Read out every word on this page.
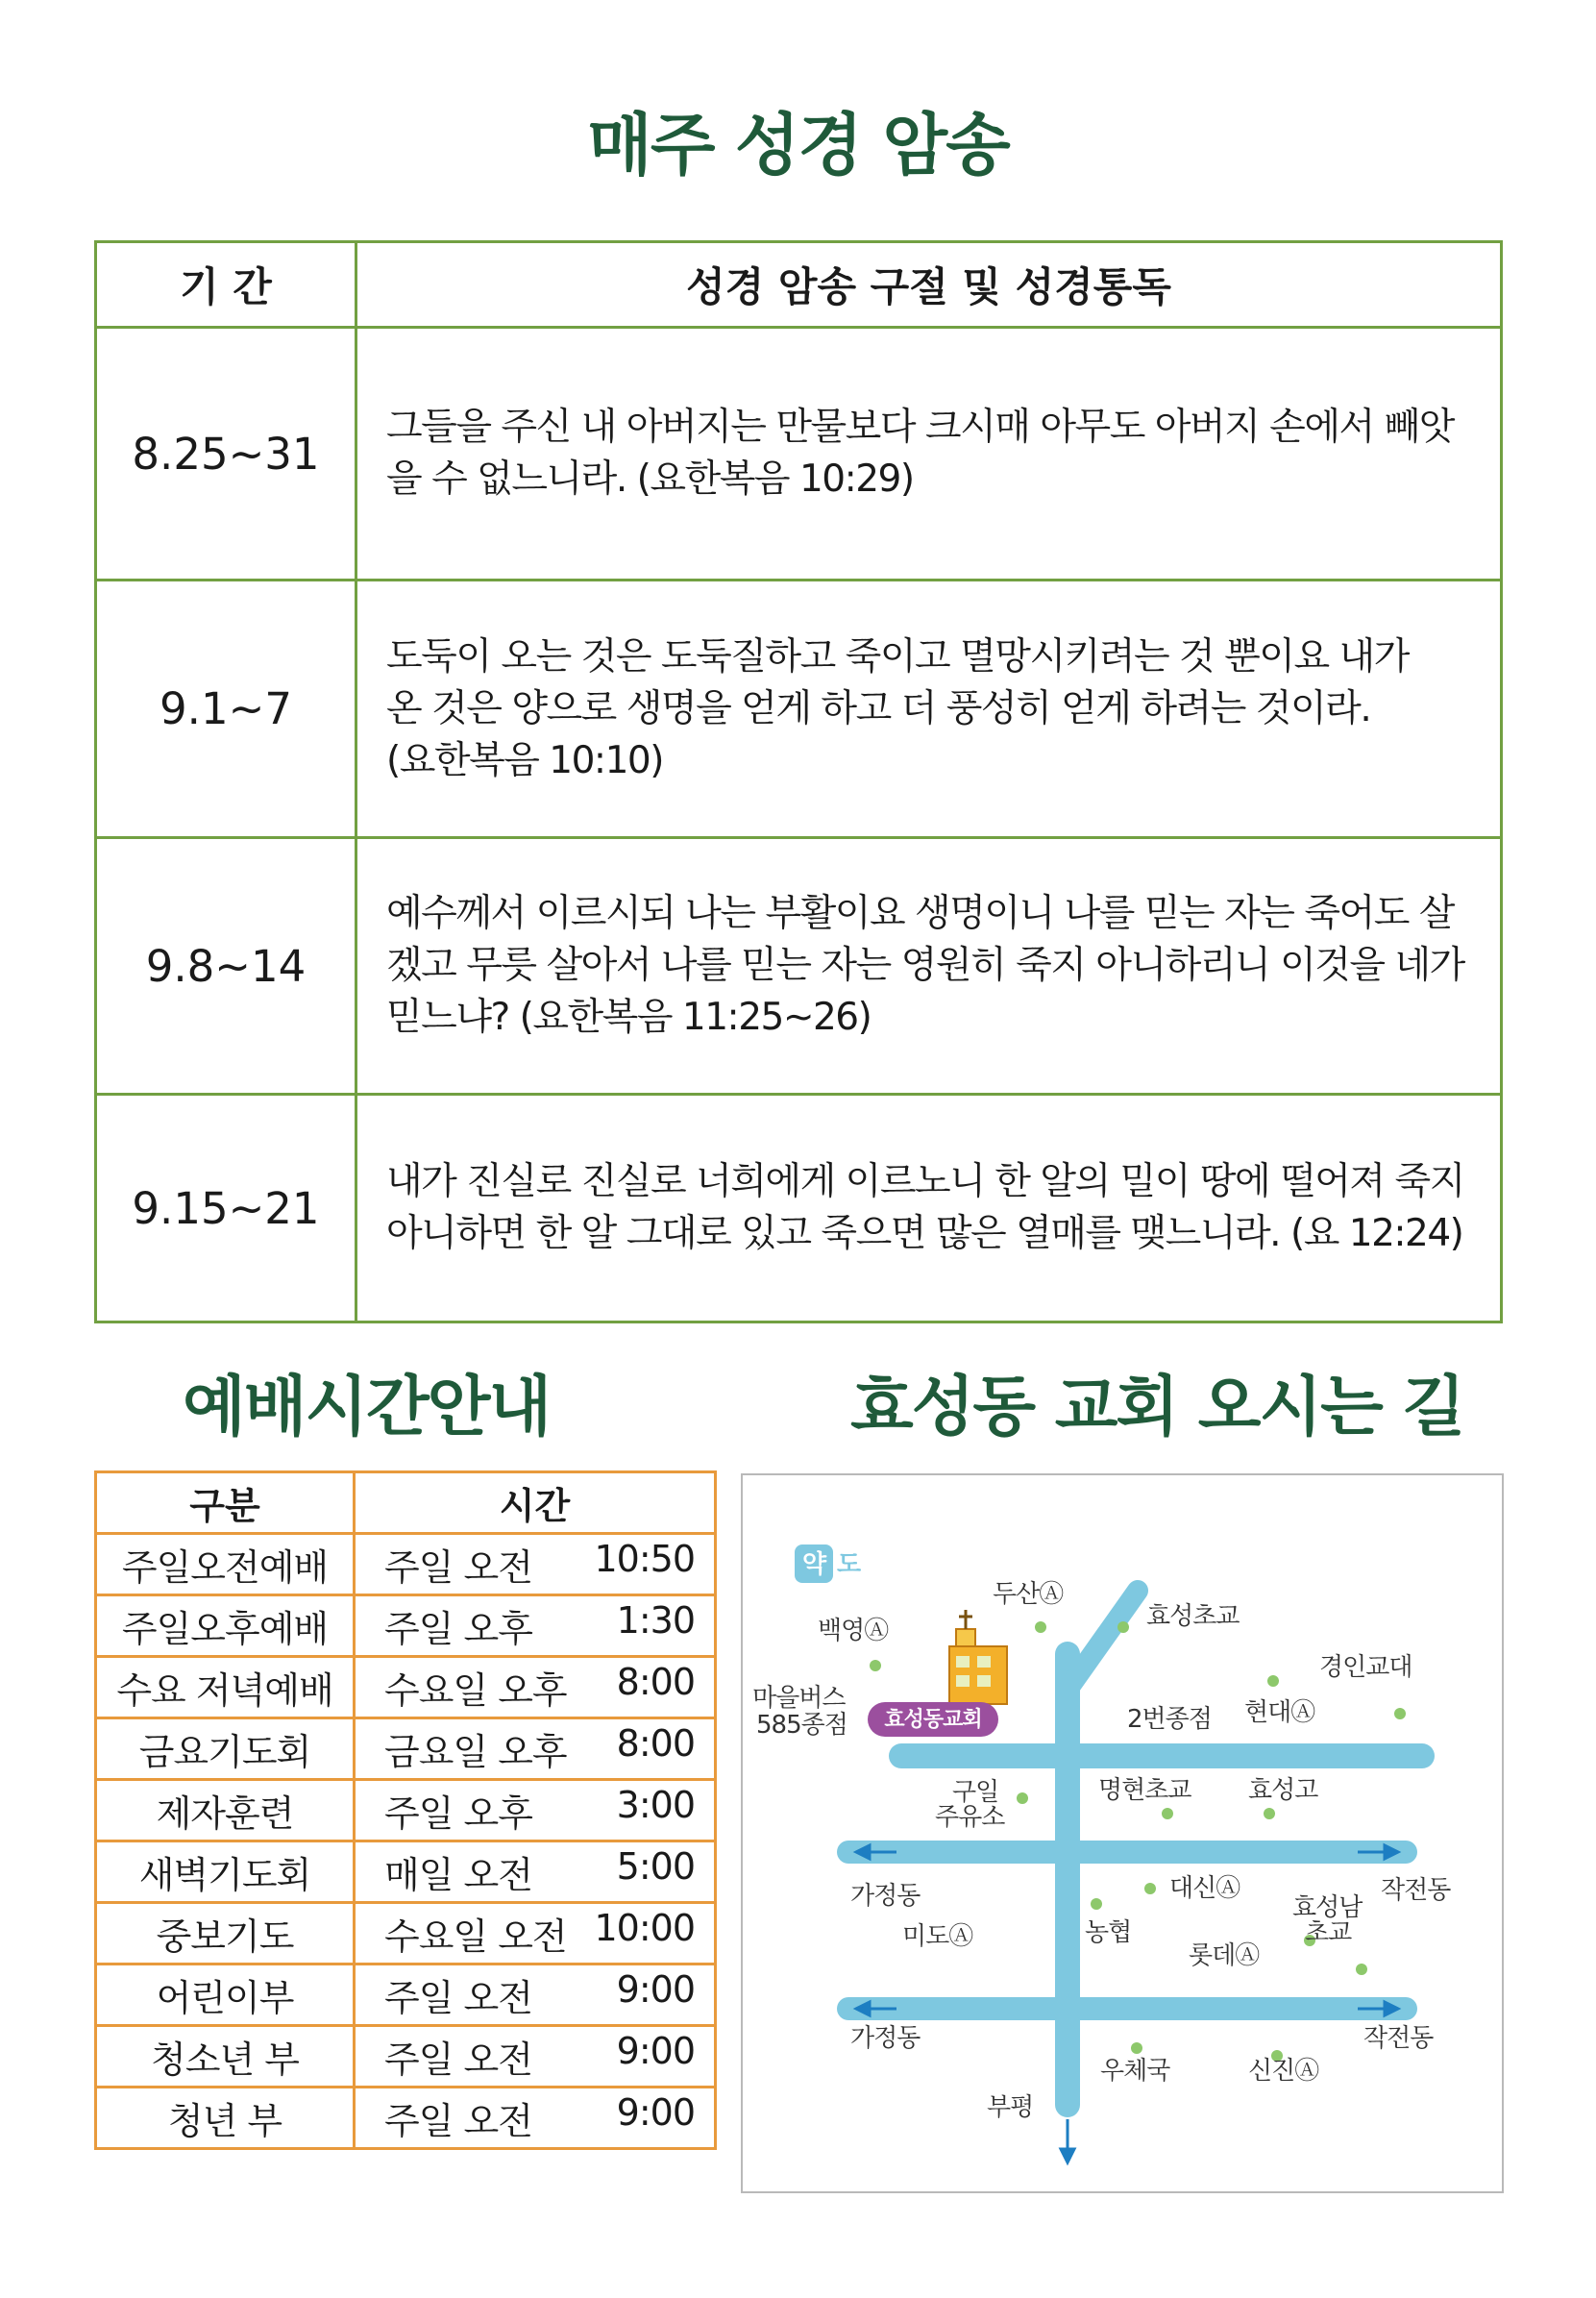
매주 성경 암송
기 간	성경 암송 구절 및 성경통독
8.25~31	그들을 주신 내 아버지는 만물보다 크시매 아무도 아버지 손에서 빼앗
을 수 없느니라. (요한복음 10:29)

9.1~7	도둑이 오는 것은 도둑질하고 죽이고 멸망시키려는 것 뿐이요 내가
온 것은 양으로 생명을 얻게 하고 더 풍성히 얻게 하려는 것이라.
(요한복음 10:10)

9.8~14	예수께서 이르시되 나는 부활이요 생명이니 나를 믿는 자는 죽어도 살
겠고 무릇 살아서 나를 믿는 자는 영원히 죽지 아니하리니 이것을 네가
믿느냐? (요한복음 11:25~26)

9.15~21	내가 진실로 진실로 너희에게 이르노니 한 알의 밀이 땅에 떨어져 죽지
아니하면 한 알 그대로 있고 죽으면 많은 열매를 맺느니라. (요 12:24)
예배시간안내	효성동 교회 오시는 길
구분	시간
주일오전예배	주일 오전 10:50

주일오후예배	주일 오후 1:30

수요 저녁예배	수요일 오후 8:00

금요기도회	금요일 오후 8:00

제자훈련	주일 오후 3:00

새벽기도회	매일 오전 5:00

중보기도	수요일 오전 10:00

어린이부	주일 오전 9:00

청소년 부	주일 오전 9:00

청년 부	주일 오전 9:00
효성동교회
약 도
두산Ⓐ
효성초교
백영Ⓐ
경인교대
마을버스
585종점	2번종점 현대Ⓐ
구일
주유소
명현초교 효성고
가정동	작전동
대신Ⓐ
효성남
초교
미도Ⓐ	농협
롯데Ⓐ
가정동	작전동
우체국	신진Ⓐ
부평
